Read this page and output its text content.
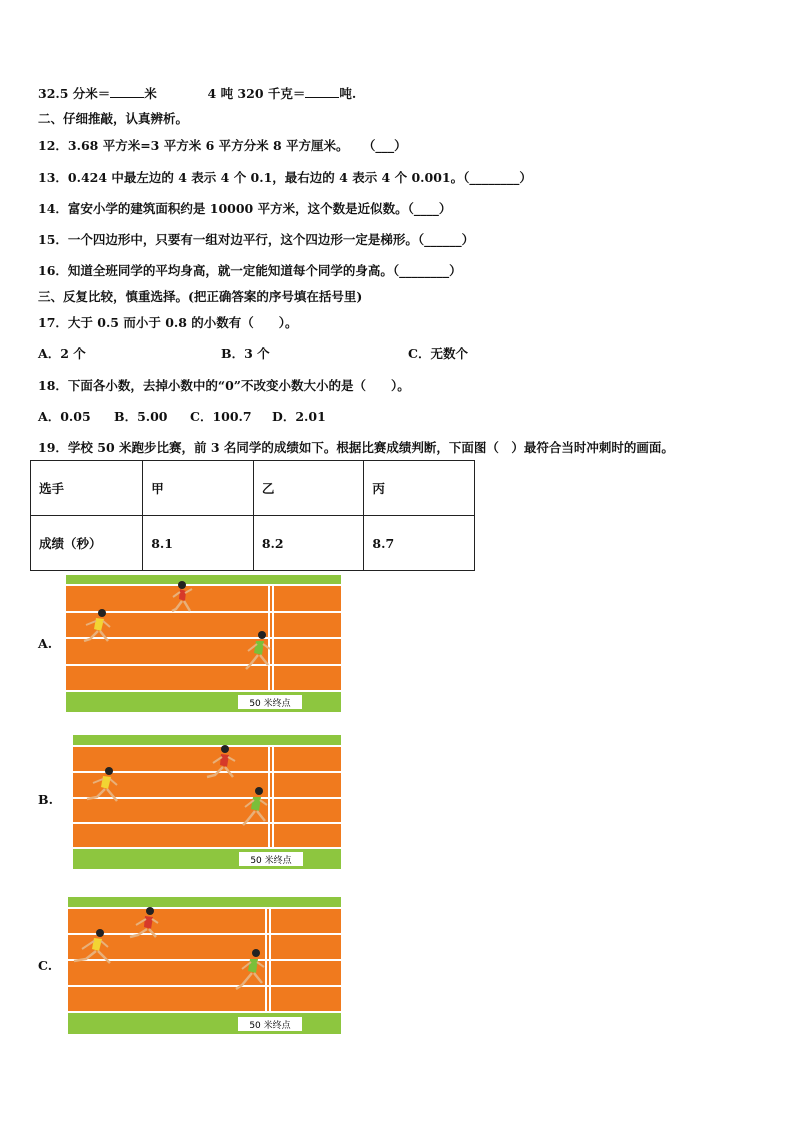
32.5 分米＝	米	4 吨 320 千克＝	吨.
二、仔细推敲，认真辨析。
12．3.68 平方米=3 平方米 6 平方分米 8 平方厘米。 （___）
13．0.424 中最左边的 4 表示 4 个 0.1，最右边的 4 表示 4 个 0.001。（________）
14．富安小学的建筑面积约是 10000 平方米，这个数是近似数。（____）
15．一个四边形中，只要有一组对边平行，这个四边形一定是梯形。（______）
16．知道全班同学的平均身高，就一定能知道每个同学的身高。（________）
三、反复比较，慎重选择。(把正确答案的序号填在括号里)
17．大于 0.5 而小于 0.8 的小数有（　　）。
A．2 个	B．3 个	C．无数个
18．下面各小数，去掉小数中的“0”不改变小数大小的是（　　）。
A．0.05 B．5.00 C．100.7 D．2.01
19．学校 50 米跑步比赛，前 3 名同学的成绩如下。根据比赛成绩判断，下面图（　）最符合当时冲刺时的画面。
选手	甲	乙	丙
成绩（秒）	8.1	8.2	8.7
A.
50 米终点
B.
50 米终点
C.
50 米终点
